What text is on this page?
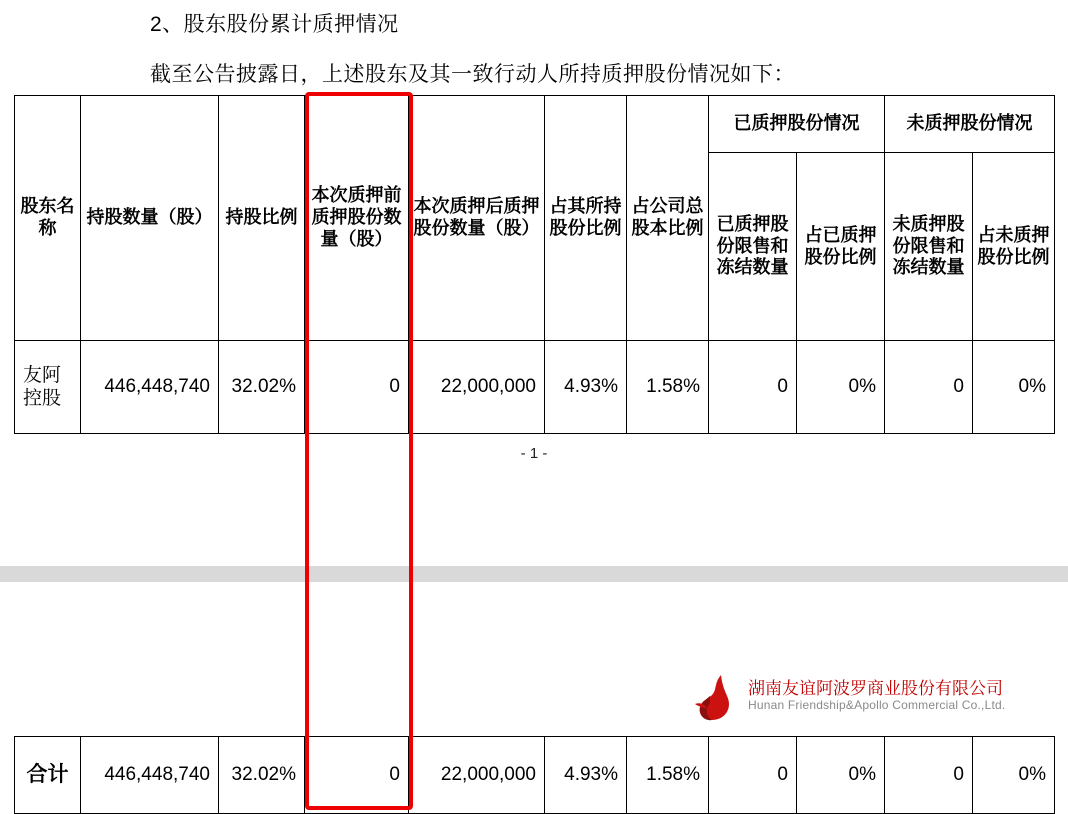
2、股东股份累计质押情况
截至公告披露日，上述股东及其一致行动人所持质押股份情况如下：
股东名称	持股数量（股）	持股比例	本次质押前质押股份数量（股）	本次质押后质押股份数量（股）	占其所持股份比例	占公司总股本比例	已质押股份情况		未质押股份情况	
							已质押股份限售和冻结数量	占已质押股份比例	未质押股份限售和冻结数量	占未质押股份比例
友阿控股	446,448,740	32.02%	0	22,000,000	4.93%	1.58%	0	0%	0	0%
- 1 -
湖南友谊阿波罗商业股份有限公司
Hunan Friendship&Apollo Commercial Co.,Ltd.
合计	446,448,740	32.02%	0	22,000,000	4.93%	1.58%	0	0%	0	0%
